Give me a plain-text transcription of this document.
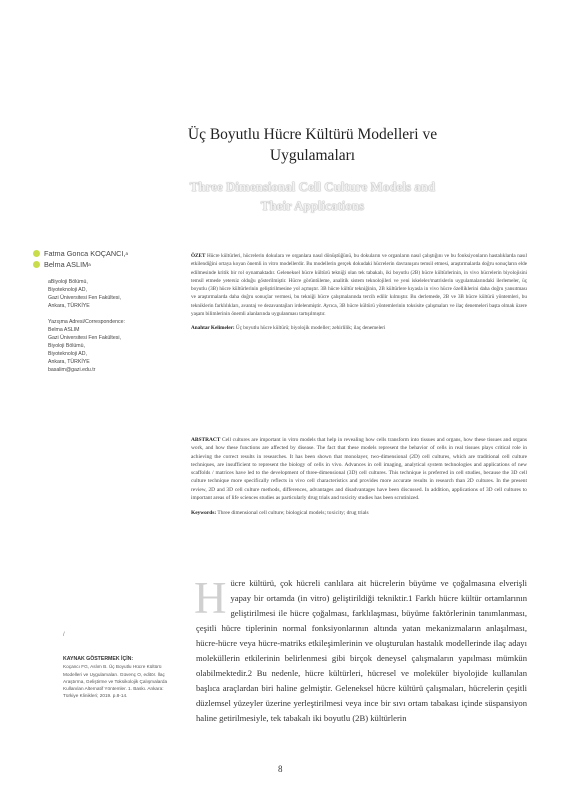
Üç Boyutlu Hücre Kültürü Modelleri ve
Uygulamaları
Three Dimensional Cell Culture Models and
Their Applications
Fatma Gonca KOÇANCI, a
Belma ASLIM a
aBiyoloji Bölümü,
Biyoteknoloji AD,
Gazi Üniversitesi Fen Fakültesi,
Ankara, TÜRKİYE
Yazışma Adresi/Correspondence:
Belma ASLIM
Gazi Üniversitesi Fen Fakültesi,
Biyoloji Bölümü,
Biyoteknoloji AD,
Ankara, TÜRKİYE
basalim@gazi.edu.tr
/
KAYNAK GÖSTERMEK İÇİN:
Koçancı FG, Aslım B. Üç Boyutlu Hücre Kültürü Modelleri ve Uygulamaları. Güvenç O, editör. İlaç Araştırma, Geliştirme ve Toksikolojik Çalışmalarda Kullanılan Alternatif Yöntemler. 1. Baskı. Ankara: Türkiye Klinikleri; 2019. p.8-14.
ÖZET Hücre kültürleri, hücrelerin dokulara ve organlara nasıl dönüştüğünü, bu dokuların ve organların nasıl çalıştığını ve bu fonksiyonların hastalıklarda nasıl etkilendiğini ortaya koyan önemli in vitro modellerdir. Bu modellerin gerçek dokudaki hücrelerin davranışını temsil etmesi, araştırmalarda doğru sonuçların elde edilmesinde kritik bir rol oynamaktadır. Geleneksel hücre kültürü tekniği olan tek tabakalı, iki boyutlu (2B) hücre kültürlerinin, in vivo hücrelerin biyolojisini temsil etmede yetersiz olduğu gösterilmiştir. Hücre görüntüleme, analitik sistem teknolojileri ve yeni iskeleler/matrislerin uygulamalarındaki ilerlemeler, üç boyutlu (3B) hücre kültürlerinin geliştirilmesine yol açmıştır. 3B hücre kültür tekniğinin, 2B kültürlere kıyasla in vivo hücre özelliklerini daha doğru yansıtması ve araştırmalarda daha doğru sonuçlar vermesi, bu tekniği hücre çalışmalarında tercih edilir kılmıştır. Bu derlemede, 2B ve 3B hücre kültürü yöntemleri, bu tekniklerin farklılıkları, avantaj ve dezavantajları irdelenmiştir. Ayrıca, 3B hücre kültürü yöntemlerinin toksisite çalışmaları ve ilaç denemeleri başta olmak üzere yaşam bilimlerinin önemli alanlarında uygulanması tartışılmıştır.
Anahtar Kelimeler: Üç boyutlu hücre kültürü; biyolojik modeller; zehirlilik; ilaç denemeleri
ABSTRACT Cell cultures are important in vitro models that help in revealing how cells transform into tissues and organs, how these tissues and organs work, and how these functions are affected by disease. The fact that these models represent the behavior of cells in real tissues plays critical role in achieving the correct results in researches. It has been shown that monolayer, two-dimensional (2D) cell cultures, which are traditional cell culture techniques, are insufficient to represent the biology of cells in vivo. Advances in cell imaging, analytical system technologies and applications of new scaffolds / matrices have led to the development of three-dimensional (3D) cell cultures. This technique is preferred in cell studies, because the 3D cell culture technique more specifically reflects in vivo cell characteristics and provides more accurate results in research than 2D cultures. In the present review, 2D and 3D cell culture methods, differences, advantages and disadvantages have been discussed. In addition, applications of 3D cell cultures to important areas of life sciences studies as particularly drug trials and toxicity studies has been scrutinized.
Keywords: Three dimensional cell culture; biological models; toxicity; drug trials
H ücre kültürü, çok hücreli canlılara ait hücrelerin büyüme ve çoğalmasına elverişli yapay bir ortamda (in vitro) geliştirildiği tekniktir.1 Farklı hücre kültür ortamlarının geliştirilmesi ile hücre çoğalması, farklılaşması, büyüme faktörlerinin tanımlanması, çeşitli hücre tiplerinin normal fonksiyonlarının altında yatan mekanizmaların anlaşılması, hücre-hücre veya hücre-matriks etkileşimlerinin ve oluşturulan hastalık modellerinde ilaç adayı moleküllerin etkilerinin belirlenmesi gibi birçok deneysel çalışmaların yapılması mümkün olabilmektedir.2 Bu nedenle, hücre kültürleri, hücresel ve moleküler biyolojide kullanılan başlıca araçlardan biri haline gelmiştir. Geleneksel hücre kültürü çalışmaları, hücrelerin çeşitli düzlemsel yüzeyler üzerine yerleştirilmesi veya ince bir sıvı ortam tabakası içinde süspansiyon haline getirilmesiyle, tek tabakalı iki boyutlu (2B) kültürlerin
8
